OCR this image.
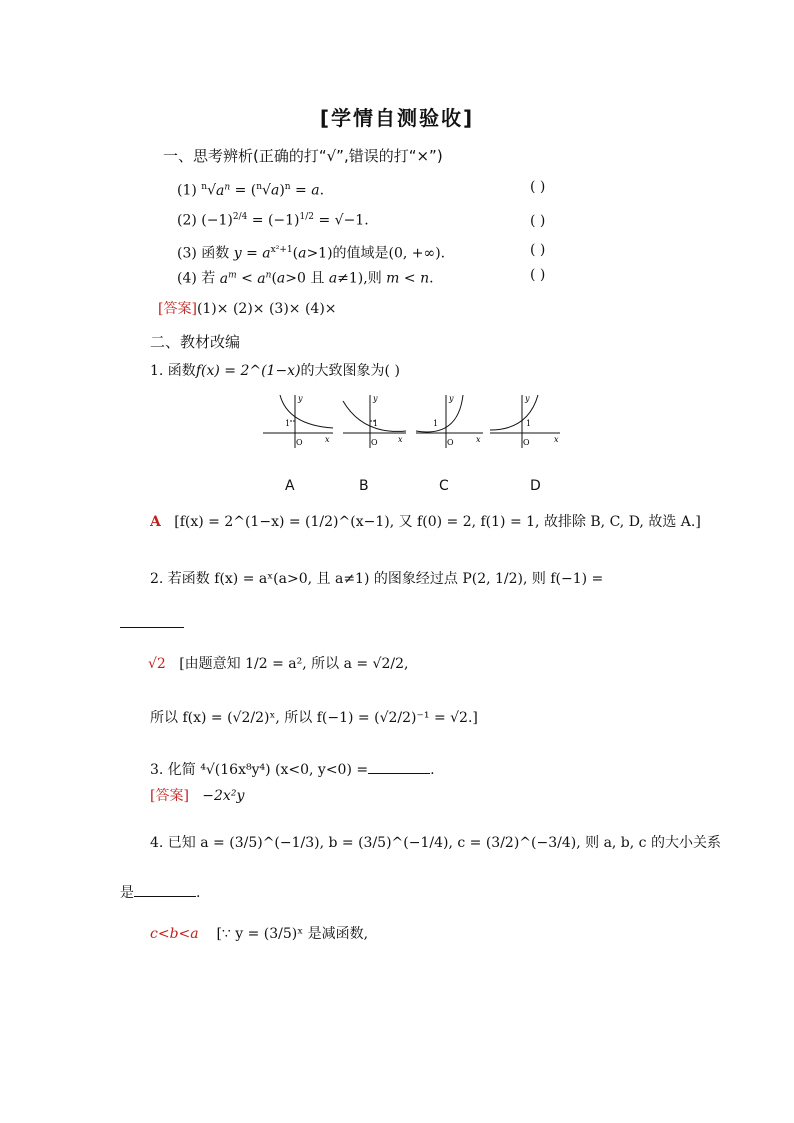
[学情自测验收]
一、思考辨析(正确的打“√”,错误的打“×”)
(1) $^n√a^n = (^n√a)^n = a$.	( )
(2) $(-1)^{2/4} = (-1)^{1/2} = √-1$.	( )
(3) 函数 $y = a^{x^2+1}(a>1)$的值域是(0, +∞).	( )
(4) 若 $a^m < a^n(a>0$ 且 a≠1),则 m < n.	( )
[答案](1)× (2)× (3)× (4)×
二、教材改编
1. 函数f(x) = 2^(1−x)的大致图象为( )
1
O	x
y
1
O	x
y
1
O	x
y
1
O	x
y
A	B	C	D
A [f(x) = 2^(1−x) = (1/2)^(x−1), 又 f(0) = 2, f(1) = 1, 故排除 B, C, D, 故选 A.]
2. 若函数 f(x) = aˣ(a>0, 且 a≠1) 的图象经过点 P(2, 1/2), 则 f(−1) =
√2 [由题意知 1/2 = a², 所以 a = √2/2,
所以 f(x) = (√2/2)ˣ, 所以 f(−1) = (√2/2)⁻¹ = √2.]
3. 化简 ⁴√(16x⁸y⁴) (x<0, y<0) =	.
[答案] −2x²y
4. 已知 a = (3/5)^(−1/3), b = (3/5)^(−1/4), c = (3/2)^(−3/4), 则 a, b, c 的大小关系
是	.
c<b<a [∵ y = (3/5)ˣ 是减函数,
